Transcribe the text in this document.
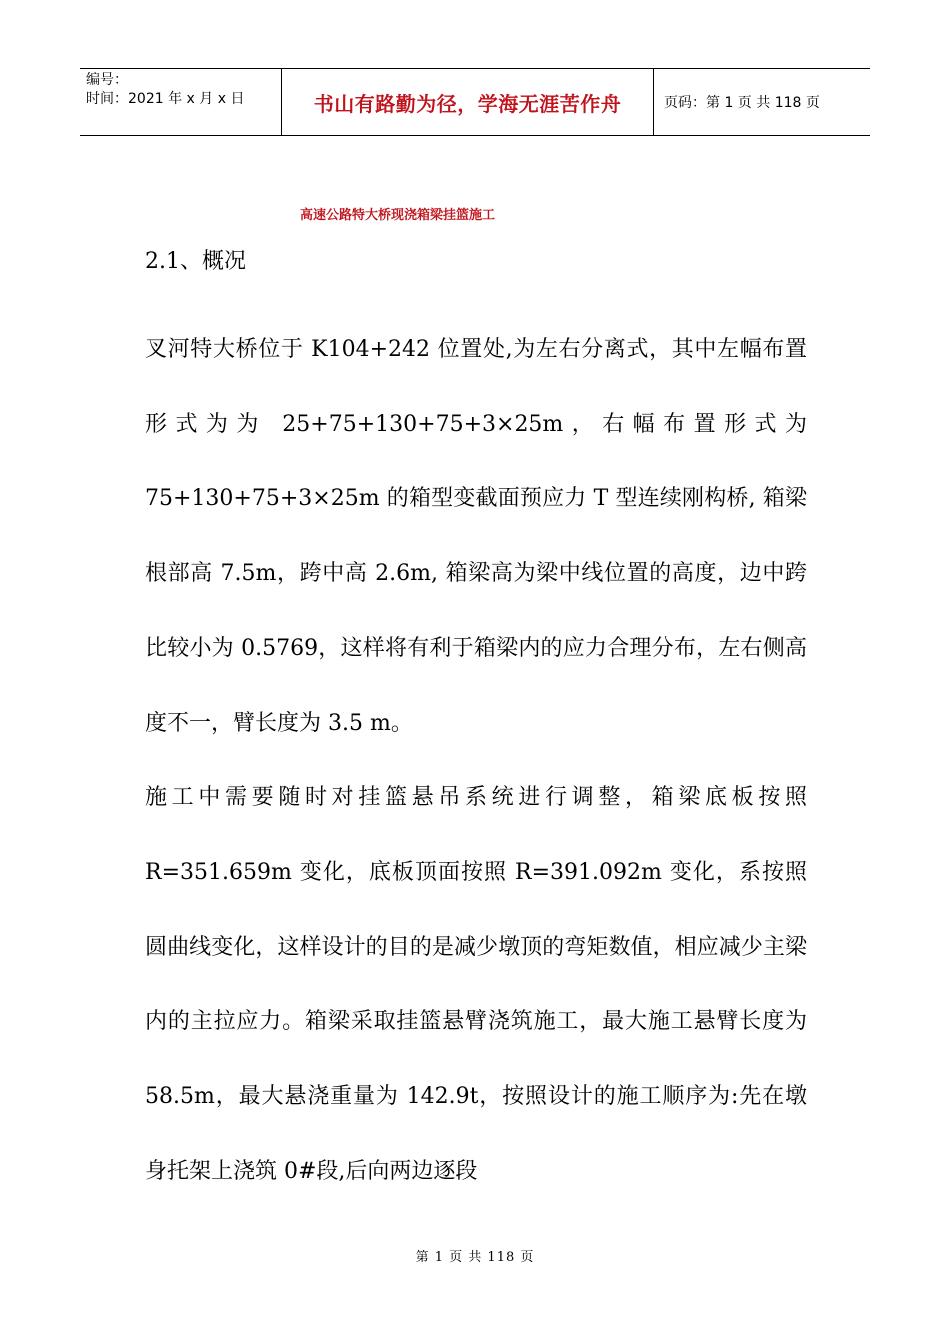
编号：
时间：2021 年 x 月 x 日	书山有路勤为径，学海无涯苦作舟	页码：第 1 页 共 118 页
高速公路特大桥现浇箱梁挂篮施工
2.1、概况

叉河特大桥位于 K104+242 位置处,为左右分离式，其中左幅布置形式为为 25+75+130+75+3×25m，右幅布置形式为 75+130+75+3×25m 的箱型变截面预应力 T 型连续刚构桥, 箱梁根部高 7.5m，跨中高 2.6m, 箱梁高为梁中线位置的高度，边中跨比较小为 0.5769，这样将有利于箱梁内的应力合理分布，左右侧高度不一，臂长度为 3.5 m。

施工中需要随时对挂篮悬吊系统进行调整，箱梁底板按照 R=351.659m 变化，底板顶面按照 R=391.092m 变化，系按照圆曲线变化，这样设计的目的是减少墩顶的弯矩数值，相应减少主梁内的主拉应力。箱梁采取挂篮悬臂浇筑施工，最大施工悬臂长度为 58.5m，最大悬浇重量为 142.9t，按照设计的施工顺序为:先在墩身托架上浇筑 0#段,后向两边逐段

第 1 页 共 118 页
